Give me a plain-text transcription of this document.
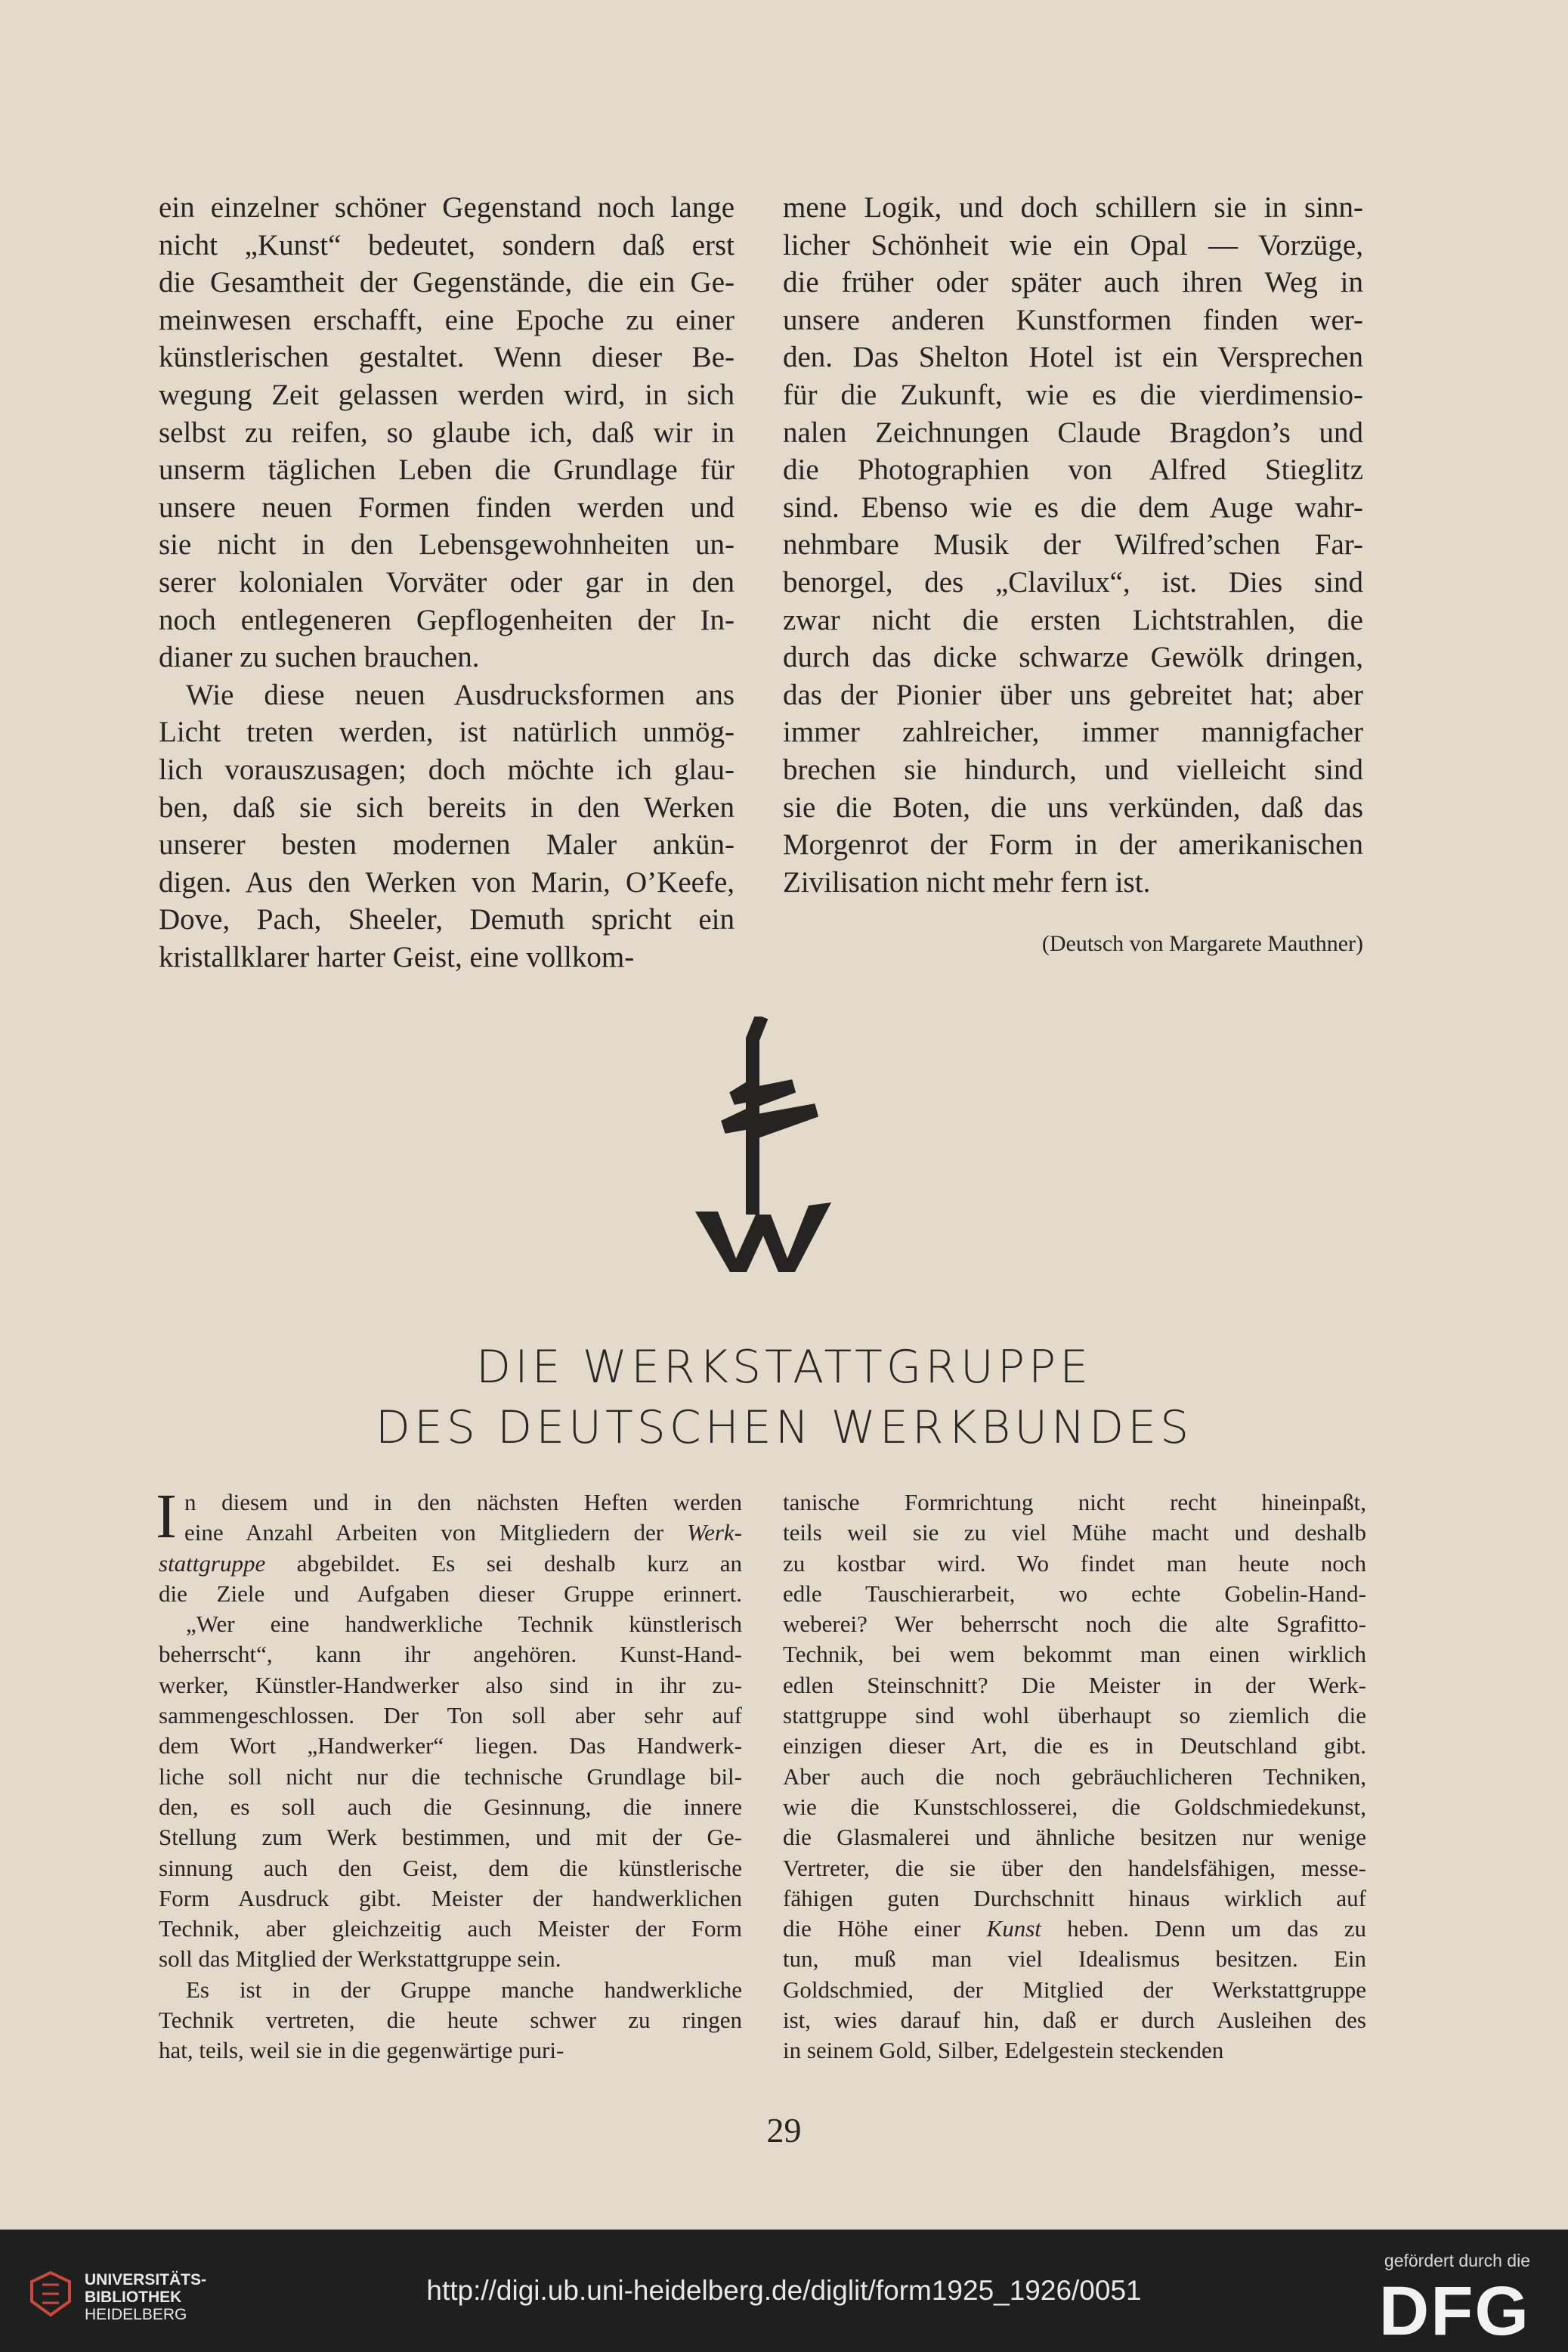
ein einzelner schöner Gegenstand noch lange
nicht „Kunst“ bedeutet, sondern daß erst
die Gesamtheit der Gegenstände, die ein Ge-
meinwesen erschafft, eine Epoche zu einer
künstlerischen gestaltet. Wenn dieser Be-
wegung Zeit gelassen werden wird, in sich
selbst zu reifen, so glaube ich, daß wir in
unserm täglichen Leben die Grundlage für
unsere neuen Formen finden werden und
sie nicht in den Lebensgewohnheiten un-
serer kolonialen Vorväter oder gar in den
noch entlegeneren Gepflogenheiten der In-
dianer zu suchen brauchen.
Wie diese neuen Ausdrucksformen ans
Licht treten werden, ist natürlich unmög-
lich vorauszusagen; doch möchte ich glau-
ben, daß sie sich bereits in den Werken
unserer besten modernen Maler ankün-
digen. Aus den Werken von Marin, O’Keefe,
Dove, Pach, Sheeler, Demuth spricht ein
kristallklarer harter Geist, eine vollkom-
mene Logik, und doch schillern sie in sinn-
licher Schönheit wie ein Opal — Vorzüge,
die früher oder später auch ihren Weg in
unsere anderen Kunstformen finden wer-
den. Das Shelton Hotel ist ein Versprechen
für die Zukunft, wie es die vierdimensio-
nalen Zeichnungen Claude Bragdon’s und
die Photographien von Alfred Stieglitz
sind. Ebenso wie es die dem Auge wahr-
nehmbare Musik der Wilfred’schen Far-
benorgel, des „Clavilux“, ist. Dies sind
zwar nicht die ersten Lichtstrahlen, die
durch das dicke schwarze Gewölk dringen,
das der Pionier über uns gebreitet hat; aber
immer zahlreicher, immer mannigfacher
brechen sie hindurch, und vielleicht sind
sie die Boten, die uns verkünden, daß das
Morgenrot der Form in der amerikanischen
Zivilisation nicht mehr fern ist.
(Deutsch von Margarete Mauthner)
DIE WERKSTATTGRUPPE
DES DEUTSCHEN WERKBUNDES
I n diesem und in den nächsten Heften werden
eine Anzahl Arbeiten von Mitgliedern der Werk-
stattgruppe abgebildet. Es sei deshalb kurz an
die Ziele und Aufgaben dieser Gruppe erinnert.
„Wer eine handwerkliche Technik künstlerisch
beherrscht“, kann ihr angehören. Kunst-Hand-
werker, Künstler-Handwerker also sind in ihr zu-
sammengeschlossen. Der Ton soll aber sehr auf
dem Wort „Handwerker“ liegen. Das Handwerk-
liche soll nicht nur die technische Grundlage bil-
den, es soll auch die Gesinnung, die innere
Stellung zum Werk bestimmen, und mit der Ge-
sinnung auch den Geist, dem die künstlerische
Form Ausdruck gibt. Meister der handwerklichen
Technik, aber gleichzeitig auch Meister der Form
soll das Mitglied der Werkstattgruppe sein.
Es ist in der Gruppe manche handwerkliche
Technik vertreten, die heute schwer zu ringen
hat, teils, weil sie in die gegenwärtige puri-
tanische Formrichtung nicht recht hineinpaßt,
teils weil sie zu viel Mühe macht und deshalb
zu kostbar wird. Wo findet man heute noch
edle Tauschierarbeit, wo echte Gobelin-Hand-
weberei? Wer beherrscht noch die alte Sgrafitto-
Technik, bei wem bekommt man einen wirklich
edlen Steinschnitt? Die Meister in der Werk-
stattgruppe sind wohl überhaupt so ziemlich die
einzigen dieser Art, die es in Deutschland gibt.
Aber auch die noch gebräuchlicheren Techniken,
wie die Kunstschlosserei, die Goldschmiedekunst,
die Glasmalerei und ähnliche besitzen nur wenige
Vertreter, die sie über den handelsfähigen, messe-
fähigen guten Durchschnitt hinaus wirklich auf
die Höhe einer Kunst heben. Denn um das zu
tun, muß man viel Idealismus besitzen. Ein
Goldschmied, der Mitglied der Werkstattgruppe
ist, wies darauf hin, daß er durch Ausleihen des
in seinem Gold, Silber, Edelgestein steckenden
29
UNIVERSITÄTS-
BIBLIOTHEK
HEIDELBERG
http://digi.ub.uni-heidelberg.de/diglit/form1925_1926/0051
gefördert durch die
DFG
